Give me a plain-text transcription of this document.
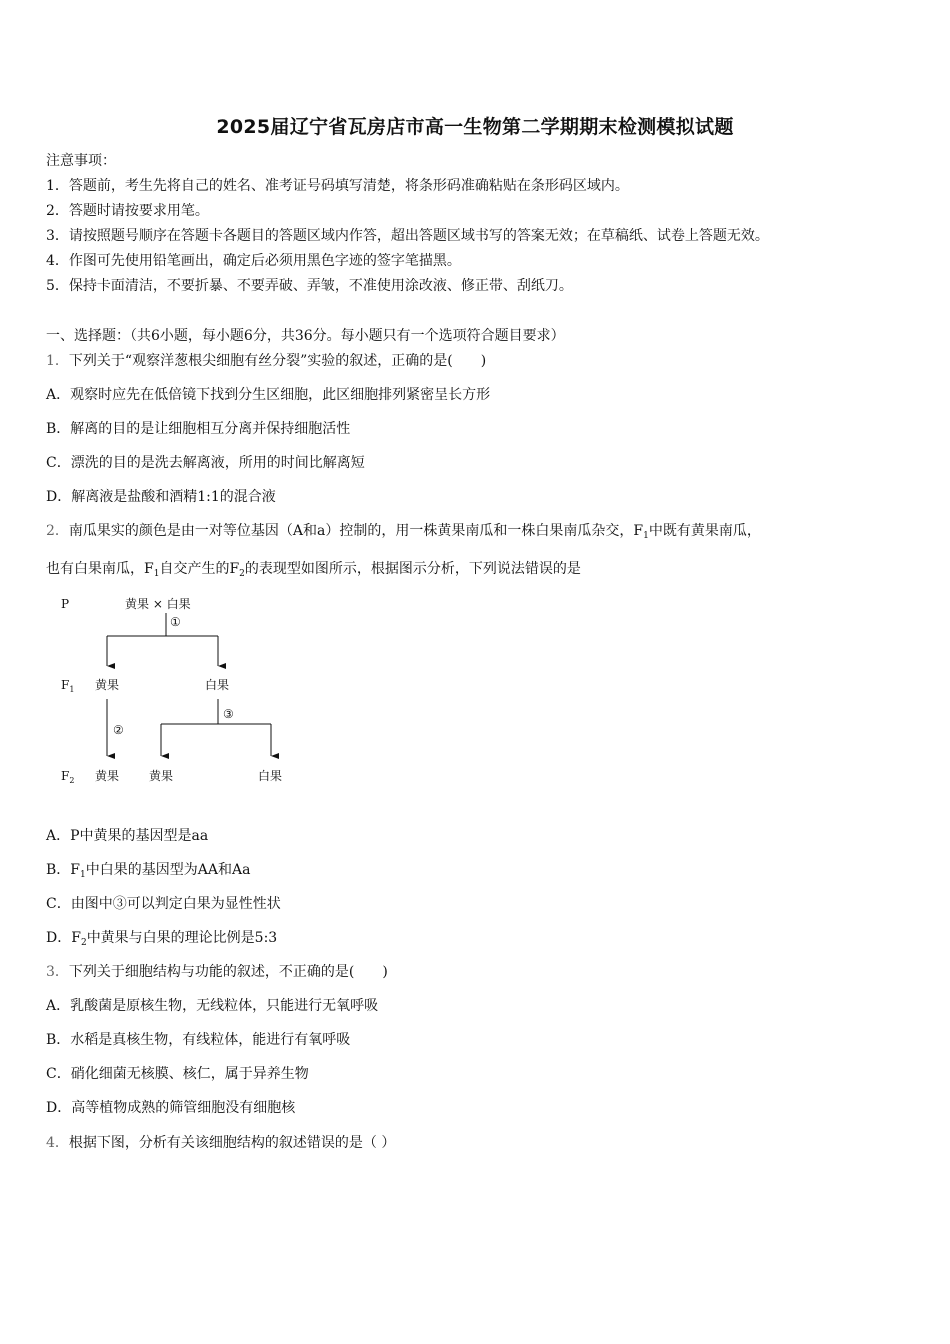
2025届辽宁省瓦房店市高一生物第二学期期末检测模拟试题
注意事项：
1．答题前，考生先将自己的姓名、准考证号码填写清楚，将条形码准确粘贴在条形码区域内。
2．答题时请按要求用笔。
3．请按照题号顺序在答题卡各题目的答题区域内作答，超出答题区域书写的答案无效；在草稿纸、试卷上答题无效。
4．作图可先使用铅笔画出，确定后必须用黑色字迹的签字笔描黑。
5．保持卡面清洁，不要折暴、不要弄破、弄皱，不准使用涂改液、修正带、刮纸刀。
一、选择题：（共6小题，每小题6分，共36分。每小题只有一个选项符合题目要求）
1．下列关于“观察洋葱根尖细胞有丝分裂”实验的叙述，正确的是(　　)
A．观察时应先在低倍镜下找到分生区细胞，此区细胞排列紧密呈长方形
B．解离的目的是让细胞相互分离并保持细胞活性
C．漂洗的目的是洗去解离液，所用的时间比解离短
D．解离液是盐酸和酒精1:1的混合液
2．南瓜果实的颜色是由一对等位基因（A和a）控制的，用一株黄果南瓜和一株白果南瓜杂交，$F_1$中既有黄果南瓜，
也有白果南瓜，$F_1$自交产生的$F_2$的表现型如图所示，根据图示分析，下列说法错误的是
P	黄果 × 白果
①
$F_1$ 黄果	白果
②
③
$F_2$ 黄果 黄果	白果
A．P中黄果的基因型是aa
B．$F_1$中白果的基因型为AA和Aa
C．由图中③可以判定白果为显性性状
D．$F_2$中黄果与白果的理论比例是5:3
3．下列关于细胞结构与功能的叙述，不正确的是(　　)
A．乳酸菌是原核生物，无线粒体，只能进行无氧呼吸
B．水稻是真核生物，有线粒体，能进行有氧呼吸
C．硝化细菌无核膜、核仁，属于异养生物
D．高等植物成熟的筛管细胞没有细胞核
4．根据下图，分析有关该细胞结构的叙述错误的是（ ）
